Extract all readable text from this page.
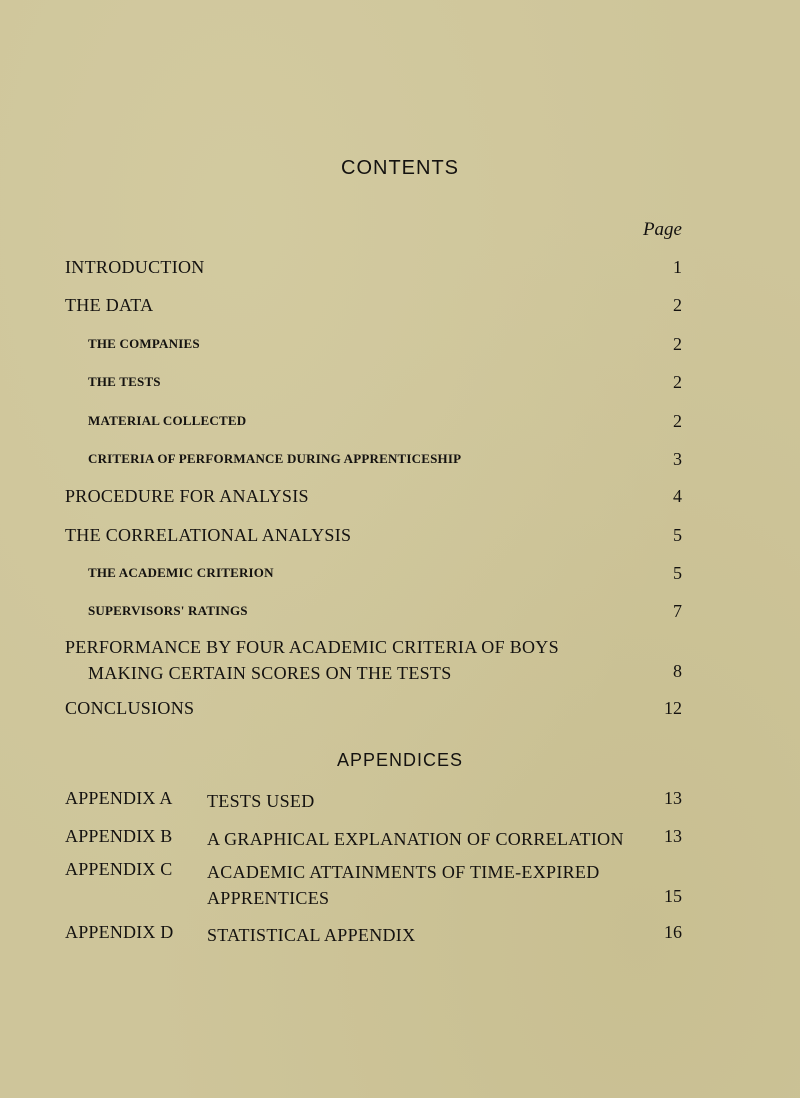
CONTENTS
Page
INTRODUCTION	1
THE DATA	2
THE COMPANIES	2
THE TESTS	2
MATERIAL COLLECTED	2
CRITERIA OF PERFORMANCE DURING APPRENTICESHIP	3
PROCEDURE FOR ANALYSIS	4
THE CORRELATIONAL ANALYSIS	5
THE ACADEMIC CRITERION	5
SUPERVISORS' RATINGS	7
PERFORMANCE BY FOUR ACADEMIC CRITERIA OF BOYS
MAKING CERTAIN SCORES ON THE TESTS	8
CONCLUSIONS	12
APPENDICES
APPENDIX A TESTS USED	13
APPENDIX B A GRAPHICAL EXPLANATION OF CORRELATION 13
APPENDIX C ACADEMIC ATTAINMENTS OF TIME-EXPIRED
APPRENTICES	15
APPENDIX D STATISTICAL APPENDIX	16
